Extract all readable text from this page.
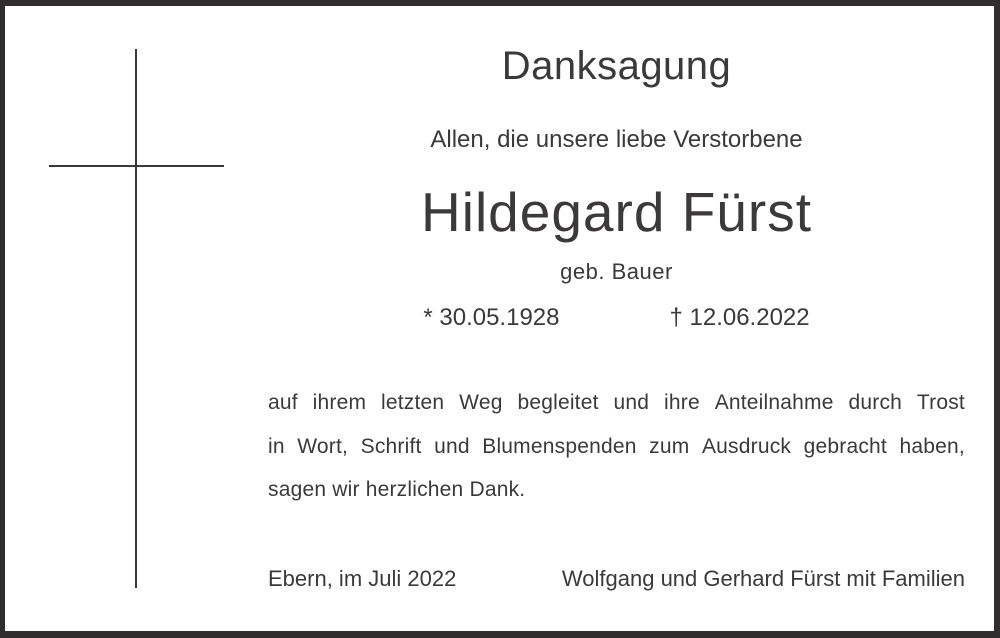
Danksagung
Allen, die unsere liebe Verstorbene
Hildegard Fürst
geb. Bauer
* 30.05.1928	† 12.06.2022
auf ihrem letzten Weg begleitet und ihre Anteilnahme durch Trost
in Wort, Schrift und Blumenspenden zum Ausdruck gebracht haben,
sagen wir herzlichen Dank.
Ebern, im Juli 2022	Wolfgang und Gerhard Fürst mit Familien
